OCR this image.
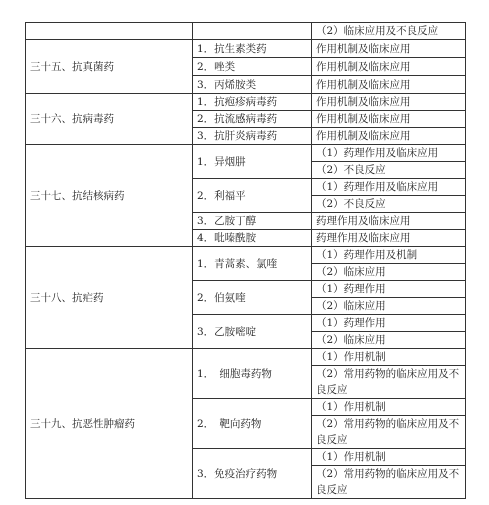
		（2）临床应用及不良反应
三十五、抗真菌药	1．抗生素类药	作用机制及临床应用
	2．唑类	作用机制及临床应用
	3．丙烯胺类	作用机制及临床应用
三十六、抗病毒药	1．抗疱疹病毒药	作用机制及临床应用
	2．抗流感病毒药	作用机制及临床应用
	3．抗肝炎病毒药	作用机制及临床应用
三十七、抗结核病药	1．异烟肼	（1）药理作用及临床应用
		（2）不良反应
	2．利福平	（1）药理作用及临床应用
		（2）不良反应
	3．乙胺丁醇	药理作用及临床应用
	4．吡嗪酰胺	药理作用及临床应用
三十八、抗疟药	1．青蒿素、氯喹	（1）药理作用及机制
		（2）临床应用
	2．伯氨喹	（1）药理作用
		（2）临床应用
	3．乙胺嘧啶	（1）药理作用
		（2）临床应用
三十九、抗恶性肿瘤药	1．　细胞毒药物	（1）作用机制
		（2）常用药物的临床应用及不良反应
	2．　靶向药物	（1）作用机制
		（2）常用药物的临床应用及不良反应
	3．免疫治疗药物	（1）作用机制
		（2）常用药物的临床应用及不良反应
